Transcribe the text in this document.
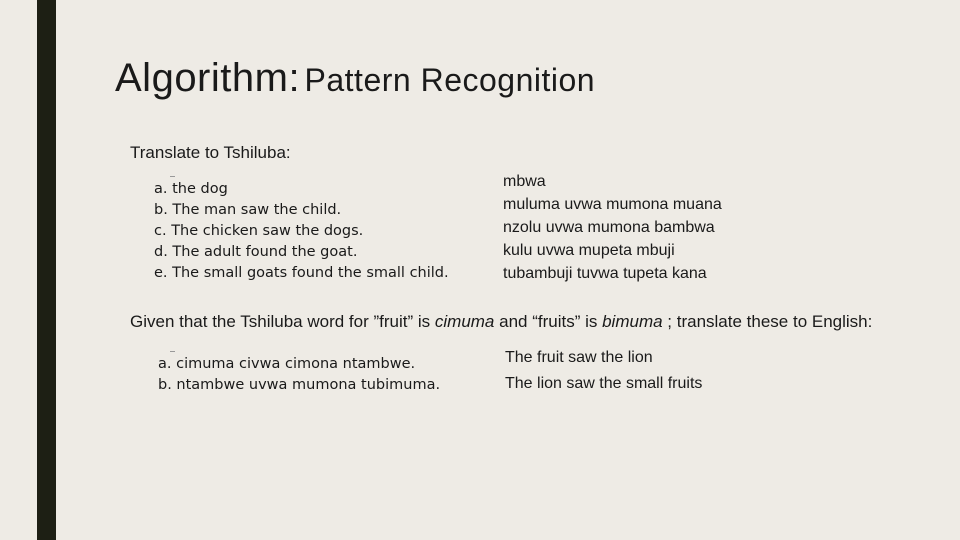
Algorithm: Pattern Recognition
Translate to Tshiluba:
a. the dog
b. The man saw the child.
c. The chicken saw the dogs.
d. The adult found the goat.
e. The small goats found the small child.
mbwa
muluma uvwa mumona muana
nzolu uvwa mumona bambwa
kulu uvwa mupeta mbuji
tubambuji tuvwa tupeta kana
Given that the Tshiluba word for ”fruit” is cimuma and “fruits” is bimuma ; translate these to English:
a. cimuma civwa cimona ntambwe.
b. ntambwe uvwa mumona tubimuma.
The fruit saw the lion
The lion saw the small fruits
